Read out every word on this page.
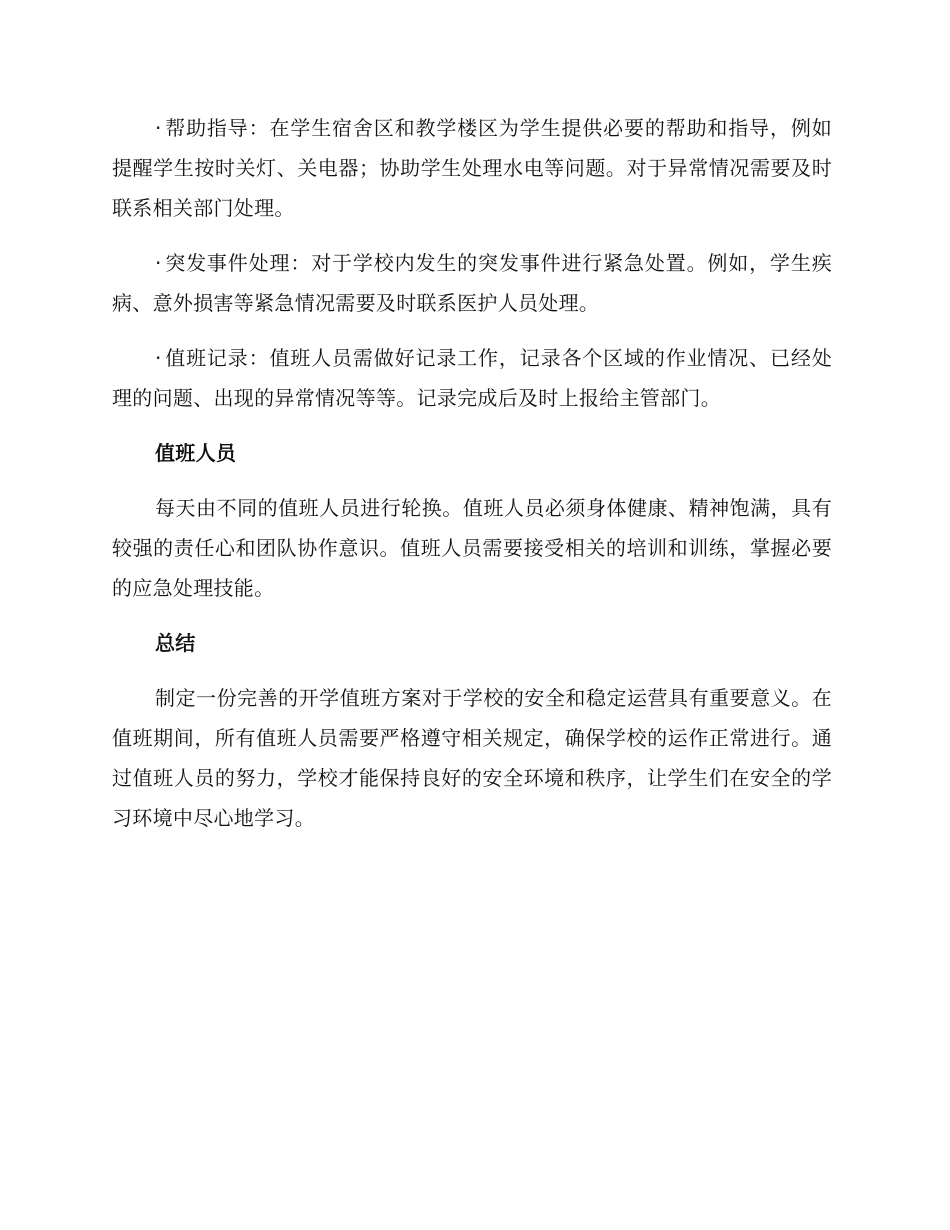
· 帮助指导：在学生宿舍区和教学楼区为学生提供必要的帮助和指导，例如提醒学生按时关灯、关电器；协助学生处理水电等问题。对于异常情况需要及时联系相关部门处理。

· 突发事件处理：对于学校内发生的突发事件进行紧急处置。例如，学生疾病、意外损害等紧急情况需要及时联系医护人员处理。

· 值班记录：值班人员需做好记录工作，记录各个区域的作业情况、已经处理的问题、出现的异常情况等等。记录完成后及时上报给主管部门。

值班人员

每天由不同的值班人员进行轮换。值班人员必须身体健康、精神饱满，具有较强的责任心和团队协作意识。值班人员需要接受相关的培训和训练，掌握必要的应急处理技能。

总结

制定一份完善的开学值班方案对于学校的安全和稳定运营具有重要意义。在值班期间，所有值班人员需要严格遵守相关规定，确保学校的运作正常进行。通过值班人员的努力，学校才能保持良好的安全环境和秩序，让学生们在安全的学习环境中尽心地学习。
